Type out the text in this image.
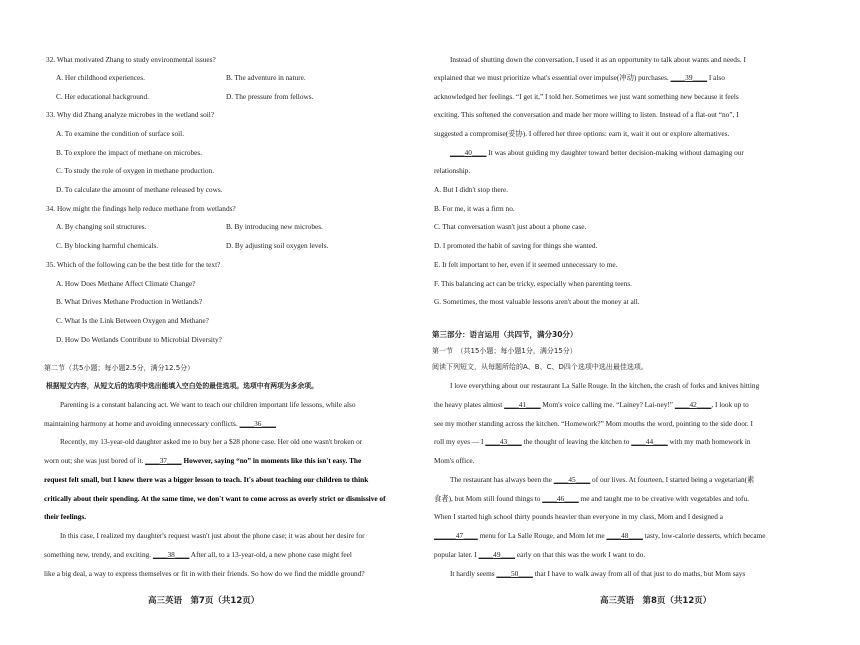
32. What motivated Zhang to study environmental issues?
A. Her childhood experiences.	B. The adventure in nature.
C. Her educational background.	D. The pressure from fellows.
33. Why did Zhang analyze microbes in the wetland soil?
A. To examine the condition of surface soil.
B. To explore the impact of methane on microbes.
C. To study the role of oxygen in methane production.
D. To calculate the amount of methane released by cows.
34. How might the findings help reduce methane from wetlands?
A. By changing soil structures.	B. By introducing new microbes.
C. By blocking harmful chemicals.	D. By adjusting soil oxygen levels.
35. Which of the following can be the best title for the text?
A. How Does Methane Affect Climate Change?
B. What Drives Methane Production in Wetlands?
C. What Is the Link Between Oxygen and Methane?
D. How Do Wetlands Contribute to Microbial Diversity?
第二节（共5小题；每小题2.5分，满分12.5分）
根据短文内容，从短文后的选项中选出能填入空白处的最佳选项。选项中有两项为多余项。
Parenting is a constant balancing act. We want to teach our children important life lessons, while also
maintaining harmony at home and avoiding unnecessary conflicts. ____36____
Recently, my 13-year-old daughter asked me to buy her a $28 phone case. Her old one wasn't broken or
worn out; she was just bored of it. ____37____ However, saying “no” in moments like this isn't easy. The
request felt small, but I knew there was a bigger lesson to teach. It's about teaching our children to think
critically about their spending. At the same time, we don't want to come across as overly strict or dismissive of
their feelings.
In this case, I realized my daughter's request wasn't just about the phone case; it was about her desire for
something new, trendy, and exciting. ____38____ After all, to a 13-year-old, a new phone case might feel
like a big deal, a way to express themselves or fit in with their friends. So how do we find the middle ground?
高三英语　第7页（共12页）
Instead of shutting down the conversation, I used it as an opportunity to talk about wants and needs. I
explained that we must prioritize what's essential over impulse(冲动) purchases. ____39____ I also
acknowledged her feelings. “I get it,” I told her. Sometimes we just want something new because it feels
exciting. This softened the conversation and made her more willing to listen. Instead of a flat-out “no”, I
suggested a compromise(妥协). I offered her three options: earn it, wait it out or explore alternatives.
____40____ It was about guiding my daughter toward better decision-making without damaging our
relationship.
A. But I didn't stop there.
B. For me, it was a firm no.
C. That conversation wasn't just about a phone case.
D. I promoted the habit of saving for things she wanted.
E. It felt important to her, even if it seemed unnecessary to me.
F. This balancing act can be tricky, especially when parenting teens.
G. Sometimes, the most valuable lessons aren't about the money at all.
第三部分：语言运用（共四节，满分30分）
第一节　（共15小题；每小题1分，满分15分）
阅读下列短文，从每题所给的A、B、C、D四个选项中选出最佳选项。
I love everything about our restaurant La Salle Rouge. In the kitchen, the crash of forks and knives hitting
the heavy plates almost ____41____ Mom's voice calling me. “Lainey? Lai-ney!” ____42____, I look up to
see my mother standing across the kitchen. “Homework?” Mom mouths the word, pointing to the side door. I
roll my eyes — I ____43____ the thought of leaving the kitchen to ____44____ with my math homework in
Mom's office.
The restaurant has always been the ____45____ of our lives. At fourteen, I started being a vegetarian(素
食者), but Mom still found things to ____46____ me and taught me to be creative with vegetables and tofu.
When I started high school thirty pounds heavier than everyone in my class, Mom and I designed a
______47____ menu for La Salle Rouge, and Mom let me ____48____ tasty, low-calorie desserts, which became
popular later. I ____49____ early on that this was the work I want to do.
It hardly seems ____50____ that I have to walk away from all of that just to do maths, but Mom says
高三英语　第8页（共12页）
